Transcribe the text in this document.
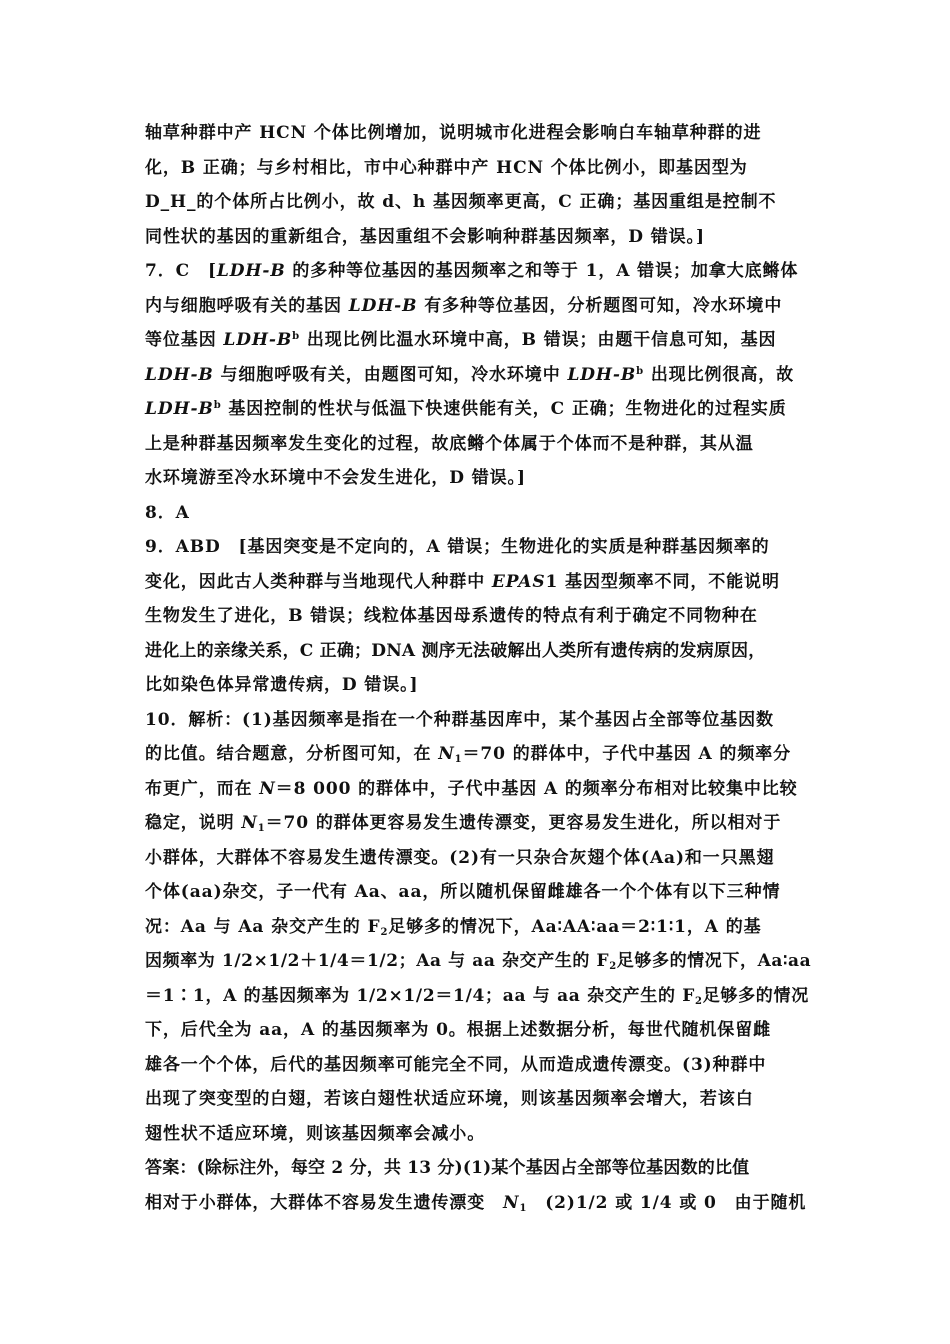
轴草种群中产 HCN 个体比例增加，说明城市化进程会影响白车轴草种群的进
化，B 正确；与乡村相比，市中心种群中产 HCN 个体比例小，即基因型为
D_H_的个体所占比例小，故 d、h 基因频率更高，C 正确；基因重组是控制不
同性状的基因的重新组合，基因重组不会影响种群基因频率，D 错误。]

7．C　[LDH-B 的多种等位基因的基因频率之和等于 1，A 错误；加拿大底鳉体
内与细胞呼吸有关的基因 LDH-B 有多种等位基因，分析题图可知，冷水环境中
等位基因 LDH-$B^b$ 出现比例比温水环境中高，B 错误；由题干信息可知，基因
LDH-B 与细胞呼吸有关，由题图可知，冷水环境中 LDH-$B^b$ 出现比例很高，故
LDH-$B^b$ 基因控制的性状与低温下快速供能有关，C 正确；生物进化的过程实质
上是种群基因频率发生变化的过程，故底鳉个体属于个体而不是种群，其从温
水环境游至冷水环境中不会发生进化，D 错误。]

8．A

9．ABD　[基因突变是不定向的，A 错误；生物进化的实质是种群基因频率的
变化，因此古人类种群与当地现代人种群中 EPAS1 基因型频率不同，不能说明
生物发生了进化，B 错误；线粒体基因母系遗传的特点有利于确定不同物种在
进化上的亲缘关系，C 正确；DNA 测序无法破解出人类所有遗传病的发病原因，
比如染色体异常遗传病，D 错误。]

10．解析：(1)基因频率是指在一个种群基因库中，某个基因占全部等位基因数
的比值。结合题意，分析图可知，在 $N_1=70$ 的群体中，子代中基因 A 的频率分
布更广，而在 N＝8 000 的群体中，子代中基因 A 的频率分布相对比较集中比较
稳定，说明 $N_1=70$ 的群体更容易发生遗传漂变，更容易发生进化，所以相对于
小群体，大群体不容易发生遗传漂变。(2)有一只杂合灰翅个体(Aa)和一只黑翅
个体(aa)杂交，子一代有 Aa、aa，所以随机保留雌雄各一个个体有以下三种情
况：Aa 与 Aa 杂交产生的 $F_2$足够多的情况下，Aa∶AA∶aa＝2∶1∶1，A 的基
因频率为 1/2×1/2＋1/4＝1/2；Aa 与 aa 杂交产生的 $F_2$足够多的情况下，Aa∶aa
＝1∶1，A 的基因频率为 1/2×1/2＝1/4；aa 与 aa 杂交产生的 $F_2$足够多的情况
下，后代全为 aa，A 的基因频率为 0。根据上述数据分析，每世代随机保留雌
雄各一个个体，后代的基因频率可能完全不同，从而造成遗传漂变。(3)种群中
出现了突变型的白翅，若该白翅性状适应环境，则该基因频率会增大，若该白
翅性状不适应环境，则该基因频率会减小。

答案：(除标注外，每空 2 分，共 13 分)(1)某个基因占全部等位基因数的比值
相对于小群体，大群体不容易发生遗传漂变　$N_1$　(2)1/2 或 1/4 或 0　由于随机
